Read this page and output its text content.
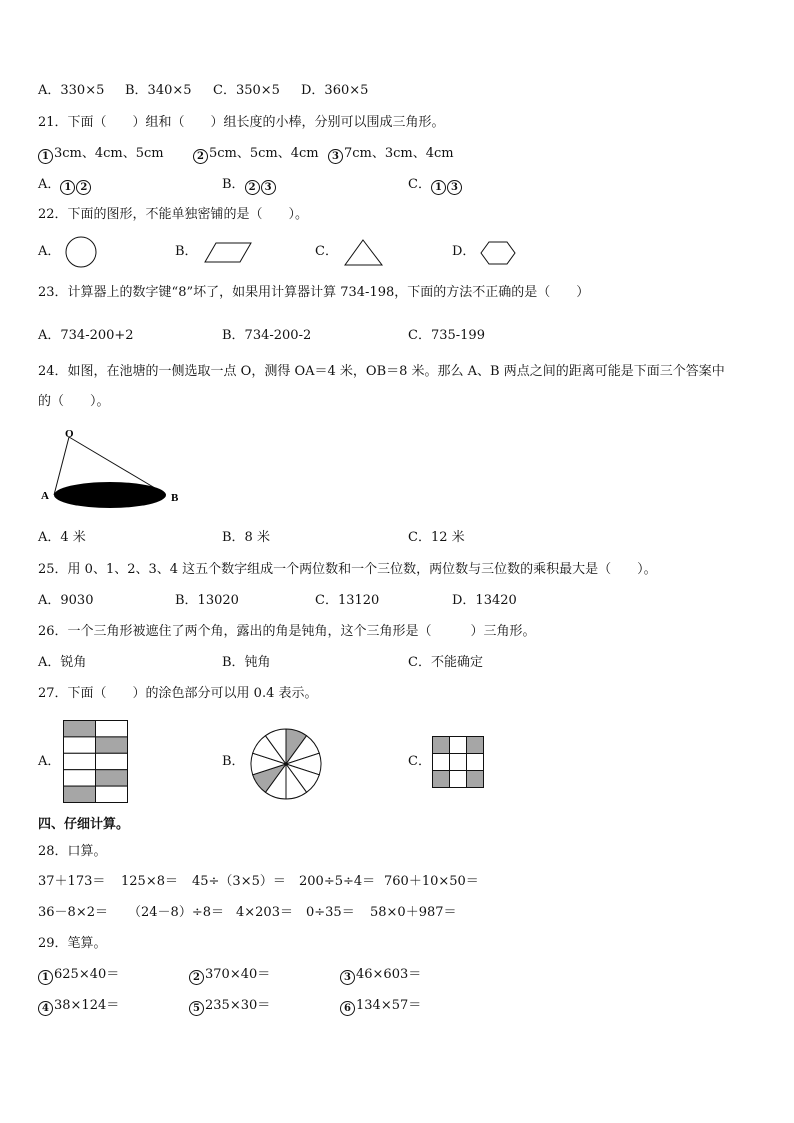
A．330×5 B．340×5 C．350×5 D．360×5
21．下面（　　）组和（　　）组长度的小棒，分别可以围成三角形。
1 3cm、4cm、5cm	2 5cm、5cm、4cm	3 7cm、3cm、4cm
A． 1 2	B． 2 3	C． 1 3
22．下面的图形，不能单独密铺的是（　　）。
A．	B．	C．	D．
23．计算器上的数字键“8”坏了，如果用计算器计算 734-198，下面的方法不正确的是（　　）
A．734-200+2	B．734-200-2	C．735-199
24．如图，在池塘的一侧选取一点 O，测得 OA＝4 米，OB＝8 米。那么 A、B 两点之间的距离可能是下面三个答案中
的（　　）。
O
A	B
A．4 米	B．8 米	C．12 米
25．用 0、1、2、3、4 这五个数字组成一个两位数和一个三位数，两位数与三位数的乘积最大是（　　）。
A．9030	B．13020	C．13120	D．13420
26．一个三角形被遮住了两个角，露出的角是钝角，这个三角形是（　　　）三角形。
A．锐角	B．钝角	C．不能确定
27．下面（　　）的涂色部分可以用 0.4 表示。
A．	B．	C．
四、仔细计算。
28．口算。
37＋173＝ 125×8＝ 45÷（3×5）＝ 200÷5÷4＝ 760＋10×50＝
36－8×2＝ （24－8）÷8＝ 4×203＝ 0÷35＝ 58×0＋987＝
29．笔算。
1 625×40＝	2 370×40＝	3 46×603＝
4 38×124＝	5 235×30＝	6 134×57＝
